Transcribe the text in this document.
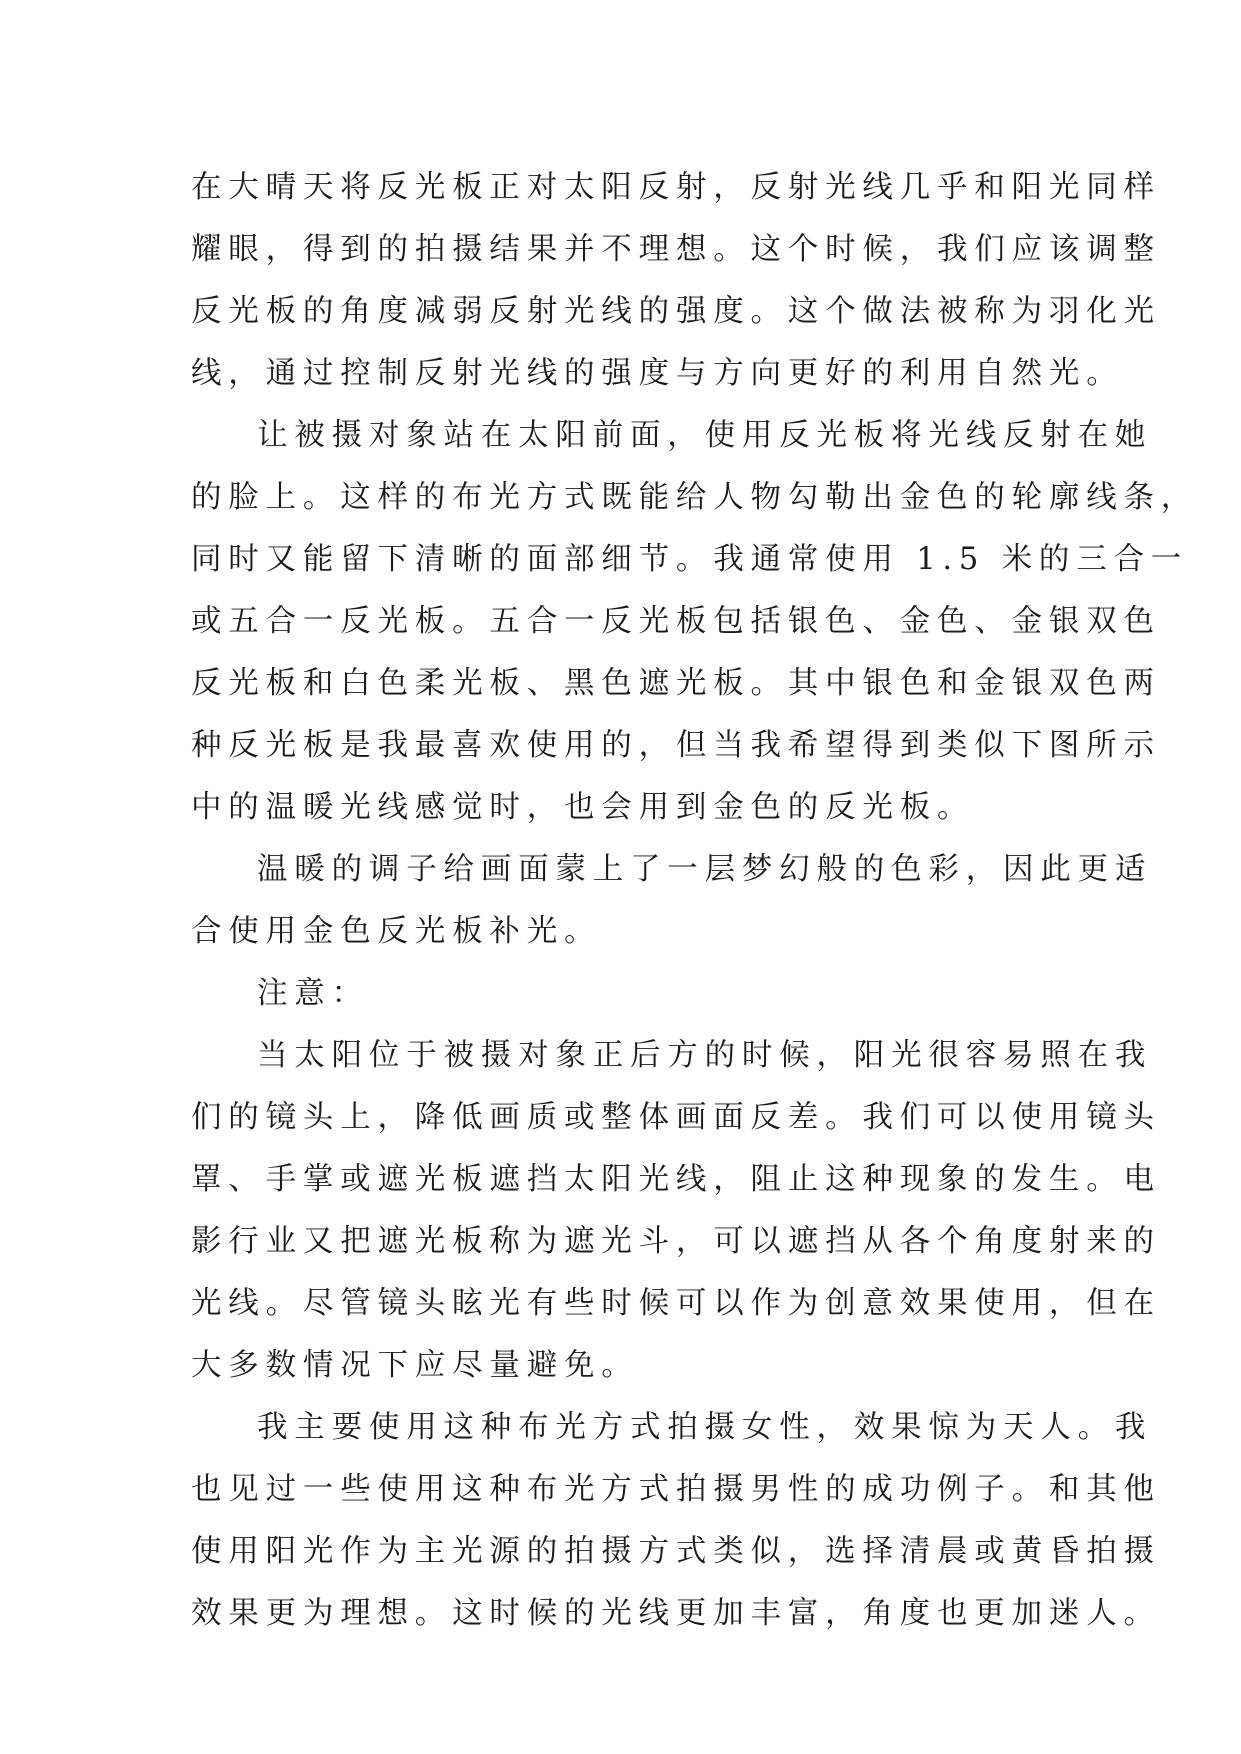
在大晴天将反光板正对太阳反射，反射光线几乎和阳光同样
耀眼，得到的拍摄结果并不理想。这个时候，我们应该调整
反光板的角度减弱反射光线的强度。这个做法被称为羽化光
线，通过控制反射光线的强度与方向更好的利用自然光。
让被摄对象站在太阳前面，使用反光板将光线反射在她
的脸上。这样的布光方式既能给人物勾勒出金色的轮廓线条，
同时又能留下清晰的面部细节。我通常使用 1.5 米的三合一
或五合一反光板。五合一反光板包括银色、金色、金银双色
反光板和白色柔光板、黑色遮光板。其中银色和金银双色两
种反光板是我最喜欢使用的，但当我希望得到类似下图所示
中的温暖光线感觉时，也会用到金色的反光板。
温暖的调子给画面蒙上了一层梦幻般的色彩，因此更适
合使用金色反光板补光。
注意：
当太阳位于被摄对象正后方的时候，阳光很容易照在我
们的镜头上，降低画质或整体画面反差。我们可以使用镜头
罩、手掌或遮光板遮挡太阳光线，阻止这种现象的发生。电
影行业又把遮光板称为遮光斗，可以遮挡从各个角度射来的
光线。尽管镜头眩光有些时候可以作为创意效果使用，但在
大多数情况下应尽量避免。
我主要使用这种布光方式拍摄女性，效果惊为天人。我
也见过一些使用这种布光方式拍摄男性的成功例子。和其他
使用阳光作为主光源的拍摄方式类似，选择清晨或黄昏拍摄
效果更为理想。这时候的光线更加丰富，角度也更加迷人。
